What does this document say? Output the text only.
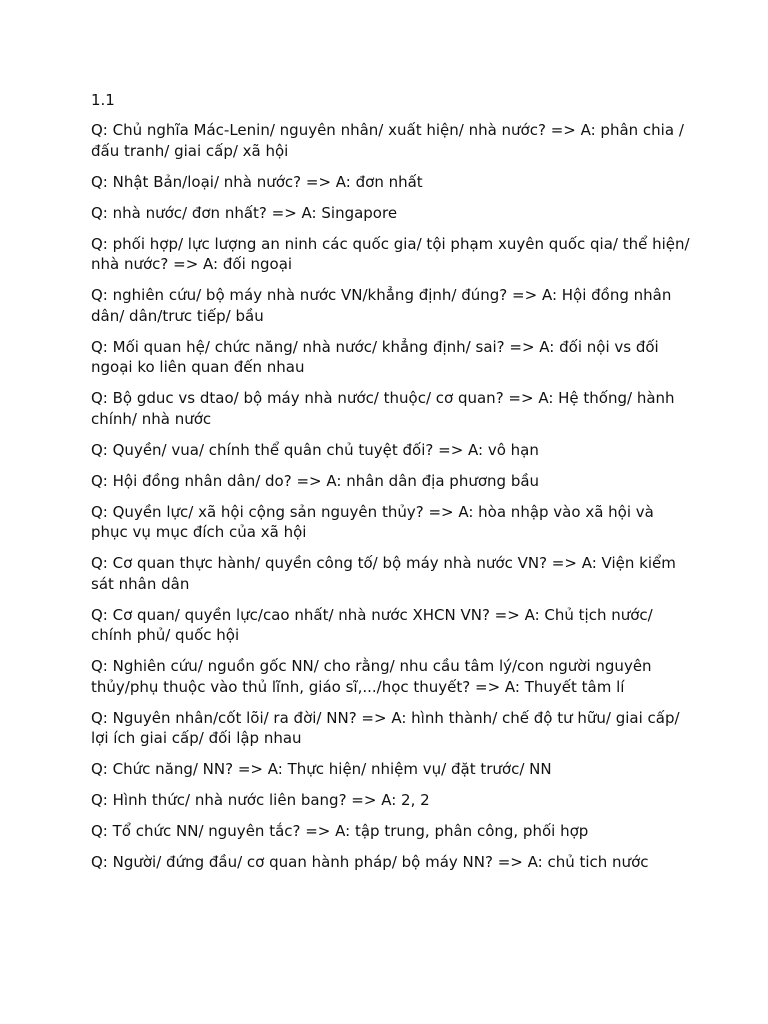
1.1
Q: Chủ nghĩa Mác-Lenin/ nguyên nhân/ xuất hiện/ nhà nước? => A: phân chia / đấu tranh/ giai cấp/ xã hội
Q: Nhật Bản/loại/ nhà nước? => A: đơn nhất
Q: nhà nước/ đơn nhất? => A: Singapore
Q: phối hợp/ lực lượng an ninh các quốc gia/ tội phạm xuyên quốc qia/ thể hiện/ nhà nước? => A: đối ngoại
Q: nghiên cứu/ bộ máy nhà nước VN/khẳng định/ đúng? => A: Hội đồng nhân dân/ dân/trưc tiếp/ bầu
Q: Mối quan hệ/ chức năng/ nhà nước/ khẳng định/ sai? => A: đối nội vs đối ngoại ko liên quan đến nhau
Q: Bộ gduc vs dtao/ bộ máy nhà nước/ thuộc/ cơ quan? => A: Hệ thống/ hành chính/ nhà nước
Q: Quyền/ vua/ chính thể quân chủ tuyệt đối? => A: vô hạn
Q: Hội đồng nhân dân/ do? => A: nhân dân địa phương bầu
Q: Quyền lực/ xã hội cộng sản nguyên thủy? => A: hòa nhập vào xã hội và phục vụ mục đích của xã hội
Q: Cơ quan thực hành/ quyền công tố/ bộ máy nhà nước VN? => A: Viện kiểm sát nhân dân
Q: Cơ quan/ quyền lực/cao nhất/ nhà nước XHCN VN? => A: Chủ tịch nước/ chính phủ/ quốc hội
Q: Nghiên cứu/ nguồn gốc NN/ cho rằng/ nhu cầu tâm lý/con người nguyên thủy/phụ thuộc vào thủ lĩnh, giáo sĩ,.../học thuyết? => A: Thuyết tâm lí
Q: Nguyên nhân/cốt lõi/ ra đời/ NN? => A: hình thành/ chế độ tư hữu/ giai cấp/ lợi ích giai cấp/ đối lập nhau
Q: Chức năng/ NN? => A: Thực hiện/ nhiệm vụ/ đặt trước/ NN
Q: Hình thức/ nhà nước liên bang? => A: 2, 2
Q: Tổ chức NN/ nguyên tắc? => A: tập trung, phân công, phối hợp
Q: Người/ đứng đầu/ cơ quan hành pháp/ bộ máy NN? => A: chủ tich nước
